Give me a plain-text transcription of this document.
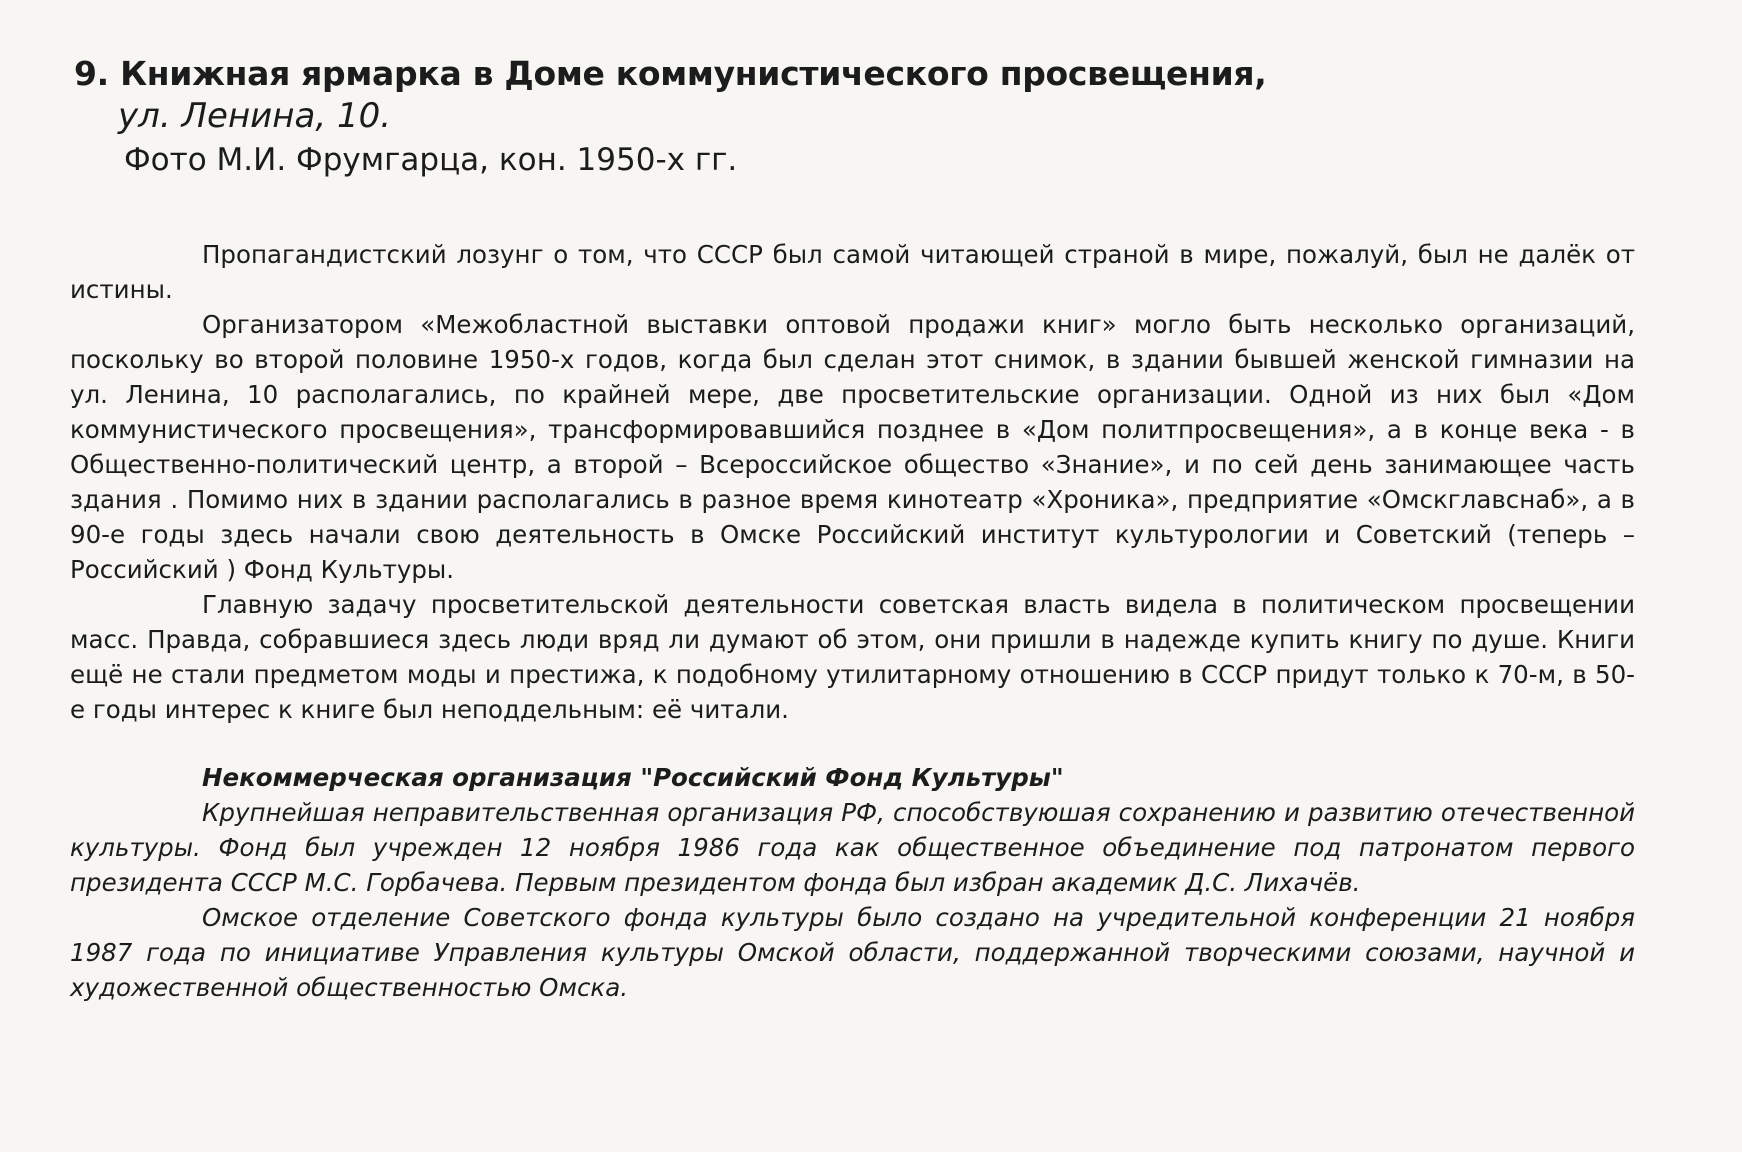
9. Книжная ярмарка в Доме коммунистического просвещения,
ул. Ленина, 10.
Фото М.И. Фрумгарца, кон. 1950-х гг.

Пропагандистский лозунг о том, что СССР был самой читающей страной в мире, пожалуй, был не далёк от истины.

Организатором «Межобластной выставки оптовой продажи книг» могло быть несколько организаций, поскольку во второй половине 1950-х годов, когда был сделан этот снимок, в здании бывшей женской гимназии на ул. Ленина, 10 располагались, по крайней мере, две просветительские организации. Одной из них был «Дом коммунистического просвещения», трансформировавшийся позднее в «Дом политпросвещения», а в конце века - в Общественно-политический центр, а второй – Всероссийское общество «Знание», и по сей день занимающее часть здания . Помимо них в здании располагались в разное время кинотеатр «Хроника», предприятие «Омскглавснаб», а в 90-е годы здесь начали свою деятельность в Омске Российский институт культурологии и Советский (теперь – Российский ) Фонд Культуры.

Главную задачу просветительской деятельности советская власть видела в политическом просвещении масс. Правда, собравшиеся здесь люди вряд ли думают об этом, они пришли в надежде купить книгу по душе. Книги ещё не стали предметом моды и престижа, к подобному утилитарному отношению в СССР придут только к 70-м, в 50-е годы интерес к книге был неподдельным: её читали.

Некоммерческая организация "Российский Фонд Культуры"

Крупнейшая неправительственная организация РФ, способствуюшая сохранению и развитию отечественной культуры. Фонд был учрежден 12 ноября 1986 года как общественное объединение под патронатом первого президента СССР М.С. Горбачева. Первым президентом фонда был избран академик Д.С. Лихачёв.

Омское отделение Советского фонда культуры было создано на учредительной конференции 21 ноября 1987 года по инициативе Управления культуры Омской области, поддержанной творческими союзами, научной и художественной общественностью Омска.
